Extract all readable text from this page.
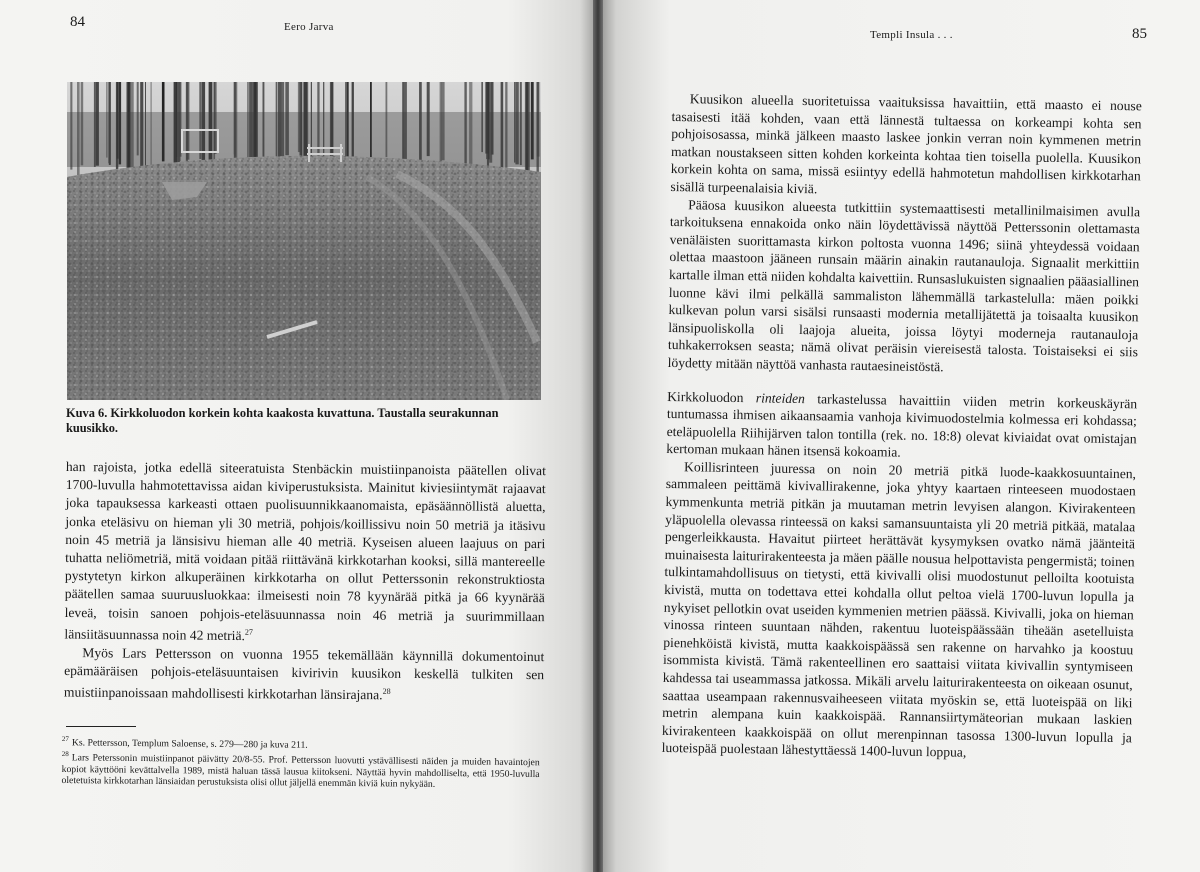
84	Eero Jarva
Kuva 6. Kirkkoluodon korkein kohta kaakosta kuvattuna. Taustalla seurakunnan kuusikko.

han rajoista, jotka edellä siteeratuista Stenbäckin muistiinpanoista päätellen olivat 1700-luvulla hahmotettavissa aidan kiviperustuksista. Mainitut kiviesiintymät rajaavat joka tapauksessa karkeasti ottaen puolisuunnikkaanomaista, epäsäännöllistä aluetta, jonka eteläsivu on hieman yli 30 metriä, pohjois/koillissivu noin 50 metriä ja itäsivu noin 45 metriä ja länsisivu hieman alle 40 metriä. Kyseisen alueen laajuus on pari tuhatta neliömetriä, mitä voidaan pitää riittävänä kirkkotarhan kooksi, sillä mantereelle pystytetyn kirkon alkuperäinen kirkkotarha on ollut Petterssonin rekonstruktiosta päätellen samaa suuruusluokkaa: ilmeisesti noin 78 kyynärää pitkä ja 66 kyynärää leveä, toisin sanoen pohjois-eteläsuunnassa noin 46 metriä ja suurimmillaan länsiitäsuunnassa noin 42 metriä.$^{27}$

Myös Lars Pettersson on vuonna 1955 tekemällään käynnillä dokumentoinut epämääräisen pohjois-eteläsuuntaisen kivirivin kuusikon keskellä tulkiten sen muistiinpanoissaan mahdollisesti kirkkotarhan länsirajana.$^{28}$

$^{27}$ Ks. Pettersson, Templum Saloense, s. 279—280 ja kuva 211.

$^{28}$ Lars Peterssonin muistiinpanot päivätty 20/8-55. Prof. Pettersson luovutti ystävällisesti näiden ja muiden havaintojen kopiot käyttööni kevättalvella 1989, mistä haluan tässä lausua kiitokseni. Näyttää hyvin mahdolliselta, että 1950-luvulla oletetuista kirkkotarhan länsiaidan perustuksista olisi ollut jäljellä enemmän kiviä kuin nykyään.

Templi Insula . . .	85

Kuusikon alueella suoritetuissa vaaituksissa havaittiin, että maasto ei nouse tasaisesti itää kohden, vaan että lännestä tultaessa on korkeampi kohta sen pohjoisosassa, minkä jälkeen maasto laskee jonkin verran noin kymmenen metrin matkan noustakseen sitten kohden korkeinta kohtaa tien toisella puolella. Kuusikon korkein kohta on sama, missä esiintyy edellä hahmotetun mahdollisen kirkkotarhan sisällä turpeenalaisia kiviä.

Pääosa kuusikon alueesta tutkittiin systemaattisesti metallinilmaisimen avulla tarkoituksena ennakoida onko näin löydettävissä näyttöä Petterssonin olettamasta venäläisten suorittamasta kirkon poltosta vuonna 1496; siinä yhteydessä voidaan olettaa maastoon jääneen runsain määrin ainakin rautanauloja. Signaalit merkittiin kartalle ilman että niiden kohdalta kaivettiin. Runsaslukuisten signaalien pääasiallinen luonne kävi ilmi pelkällä sammaliston lähemmällä tarkastelulla: mäen poikki kulkevan polun varsi sisälsi runsaasti modernia metallijätettä ja toisaalta kuusikon länsipuoliskolla oli laajoja alueita, joissa löytyi moderneja rautanauloja tuhkakerroksen seasta; nämä olivat peräisin viereisestä talosta. Toistaiseksi ei siis löydetty mitään näyttöä vanhasta rautaesineistöstä.

Kirkkoluodon rinteiden tarkastelussa havaittiin viiden metrin korkeuskäyrän tuntumassa ihmisen aikaansaamia vanhoja kivimuodostelmia kolmessa eri kohdassa; eteläpuolella Riihijärven talon tontilla (rek. no. 18:8) olevat kiviaidat ovat omistajan kertoman mukaan hänen itsensä kokoamia.

Koillisrinteen juuressa on noin 20 metriä pitkä luode-kaakkosuuntainen, sammaleen peittämä kivivallirakenne, joka yhtyy kaartaen rinteeseen muodostaen kymmenkunta metriä pitkän ja muutaman metrin levyisen alangon. Kivirakenteen yläpuolella olevassa rinteessä on kaksi samansuuntaista yli 20 metriä pitkää, matalaa pengerleikkausta. Havaitut piirteet herättävät kysymyksen ovatko nämä jäänteitä muinaisesta laiturirakenteesta ja mäen päälle nousua helpottavista pengermistä; toinen tulkintamahdollisuus on tietysti, että kivivalli olisi muodostunut pelloilta kootuista kivistä, mutta on todettava ettei kohdalla ollut peltoa vielä 1700-luvun lopulla ja nykyiset pellotkin ovat useiden kymmenien metrien päässä. Kivivalli, joka on hieman vinossa rinteen suuntaan nähden, rakentuu luoteispäässään tiheään asetelluista pienehköistä kivistä, mutta kaakkoispäässä sen rakenne on harvahko ja koostuu isommista kivistä. Tämä rakenteellinen ero saattaisi viitata kivivallin syntymiseen kahdessa tai useammassa jatkossa. Mikäli arvelu laiturirakenteesta on oikeaan osunut, saattaa useampaan rakennusvaiheeseen viitata myöskin se, että luoteispää on liki metrin alempana kuin kaakkoispää. Rannansiirtymäteorian mukaan laskien kivirakenteen kaakkoispää on ollut merenpinnan tasossa 1300-luvun lopulla ja luoteispää puolestaan lähestyttäessä 1400-luvun loppua,
